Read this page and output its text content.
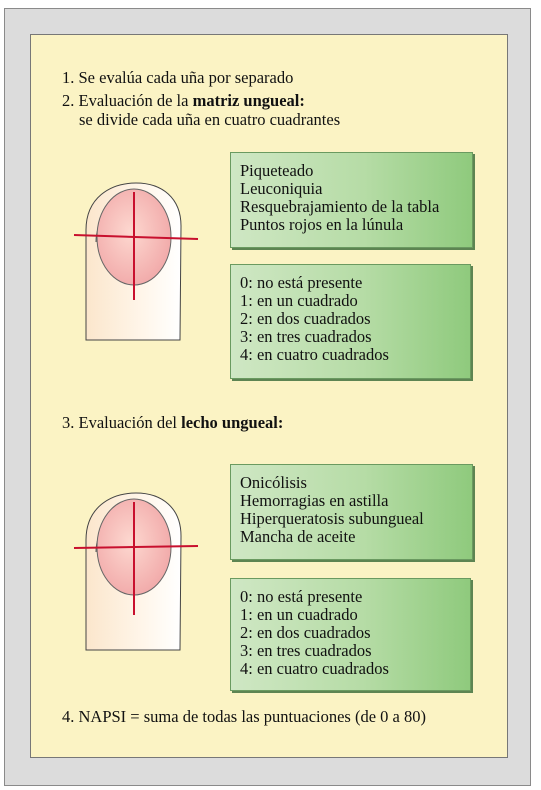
1. Se evalúa cada uña por separado
2. Evaluación de la matriz ungueal:
se divide cada uña en cuatro cuadrantes
Piqueteado
Leuconiquia
Resquebrajamiento de la tabla
Puntos rojos en la lúnula
0: no está presente
1: en un cuadrado
2: en dos cuadrados
3: en tres cuadrados
4: en cuatro cuadrados
3. Evaluación del lecho ungueal:
Onicólisis
Hemorragias en astilla
Hiperqueratosis subungueal
Mancha de aceite
0: no está presente
1: en un cuadrado
2: en dos cuadrados
3: en tres cuadrados
4: en cuatro cuadrados
4. NAPSI = suma de todas las puntuaciones (de 0 a 80)
